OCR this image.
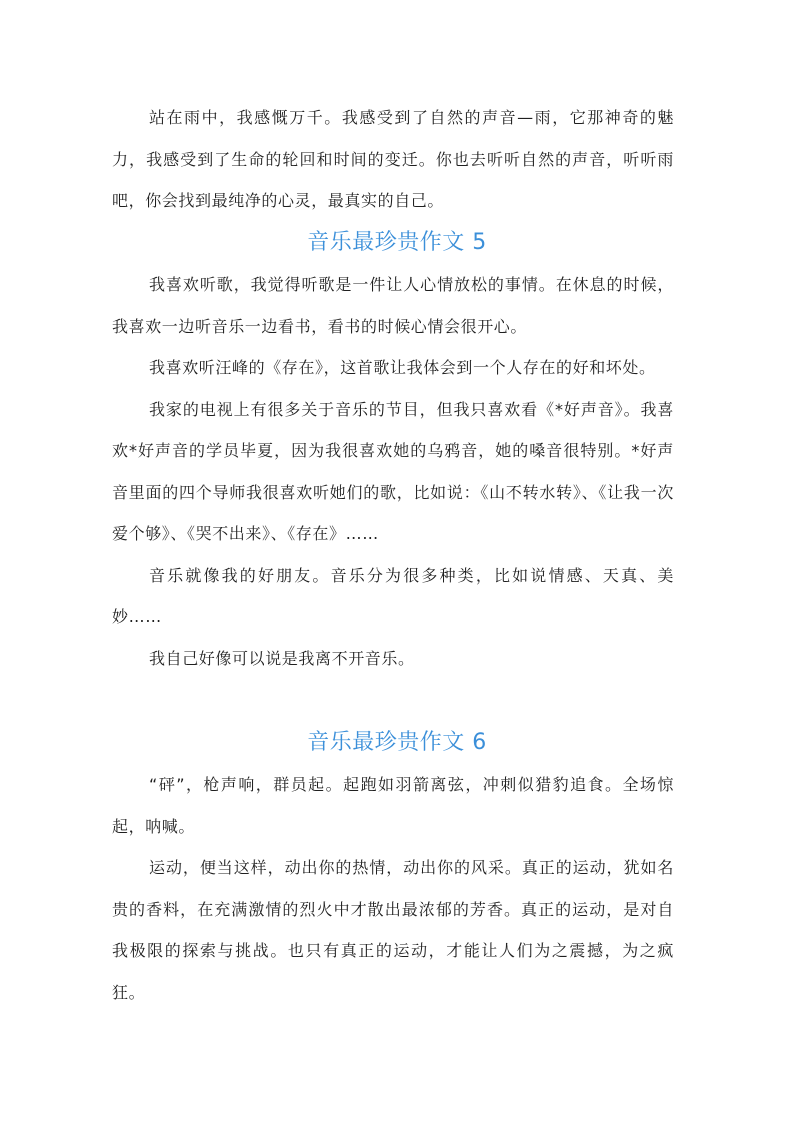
站在雨中，我感慨万千。我感受到了自然的声音—雨，它那神奇的魅力，我感受到了生命的轮回和时间的变迁。你也去听听自然的声音，听听雨吧，你会找到最纯净的心灵，最真实的自己。

音乐最珍贵作文 5

我喜欢听歌，我觉得听歌是一件让人心情放松的事情。在休息的时候，我喜欢一边听音乐一边看书，看书的时候心情会很开心。

我喜欢听汪峰的《存在》，这首歌让我体会到一个人存在的好和坏处。

我家的电视上有很多关于音乐的节目，但我只喜欢看《*好声音》。我喜欢*好声音的学员毕夏，因为我很喜欢她的乌鸦音，她的嗓音很特别。*好声音里面的四个导师我很喜欢听她们的歌，比如说：《山不转水转》、《让我一次爱个够》、《哭不出来》、《存在》……

音乐就像我的好朋友。音乐分为很多种类，比如说情感、天真、美妙……

我自己好像可以说是我离不开音乐。

音乐最珍贵作文 6

“砰”，枪声响，群员起。起跑如羽箭离弦，冲刺似猎豹追食。全场惊起，呐喊。

运动，便当这样，动出你的热情，动出你的风采。真正的运动，犹如名贵的香料，在充满激情的烈火中才散出最浓郁的芳香。真正的运动，是对自我极限的探索与挑战。也只有真正的运动，才能让人们为之震撼，为之疯狂。
